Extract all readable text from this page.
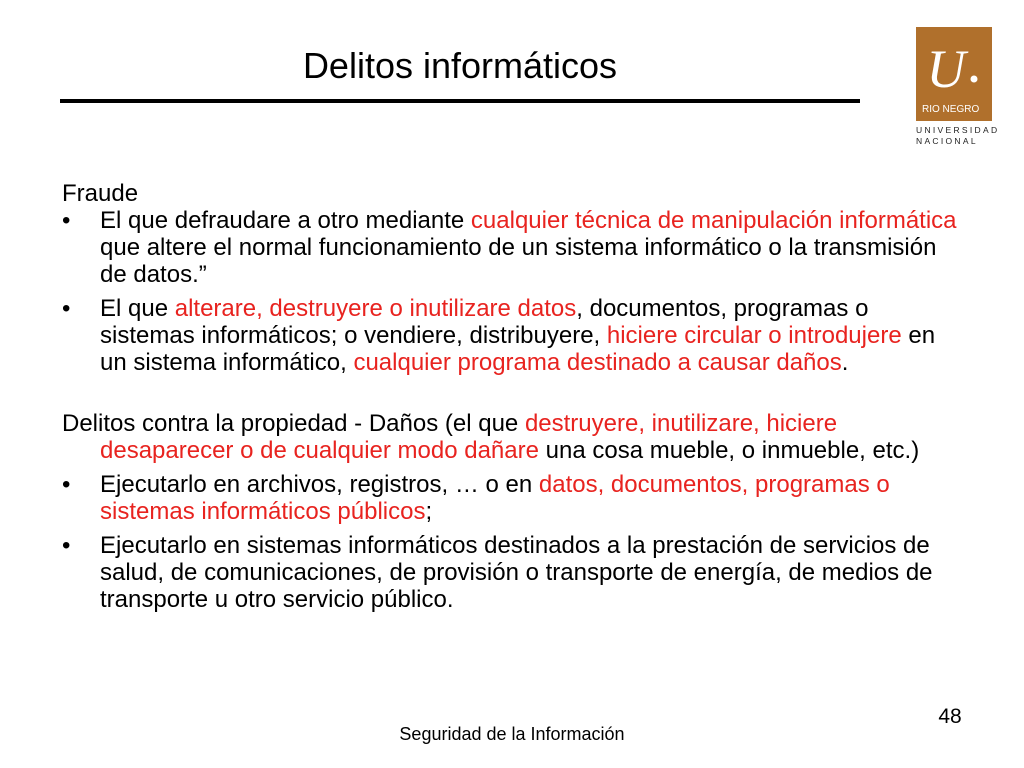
Delitos informáticos	U
RIO NEGRO
UNIVERSIDAD
NACIONAL

Fraude

• El que defraudare a otro mediante cualquier técnica de manipulación informática que altere el normal funcionamiento de un sistema informático o la transmisión de datos.”
• El que alterare, destruyere o inutilizare datos, documentos, programas o sistemas informáticos; o vendiere, distribuyere, hiciere circular o introdujere en un sistema informático, cualquier programa destinado a causar daños.

Delitos contra la propiedad - Daños (el que destruyere, inutilizare, hiciere desaparecer o de cualquier modo dañare una cosa mueble, o inmueble, etc.)

• Ejecutarlo en archivos, registros, … o en datos, documentos, programas o sistemas informáticos públicos;
• Ejecutarlo en sistemas informáticos destinados a la prestación de servicios de salud, de comunicaciones, de provisión o transporte de energía, de medios de transporte u otro servicio público.
48
Seguridad de la Información
